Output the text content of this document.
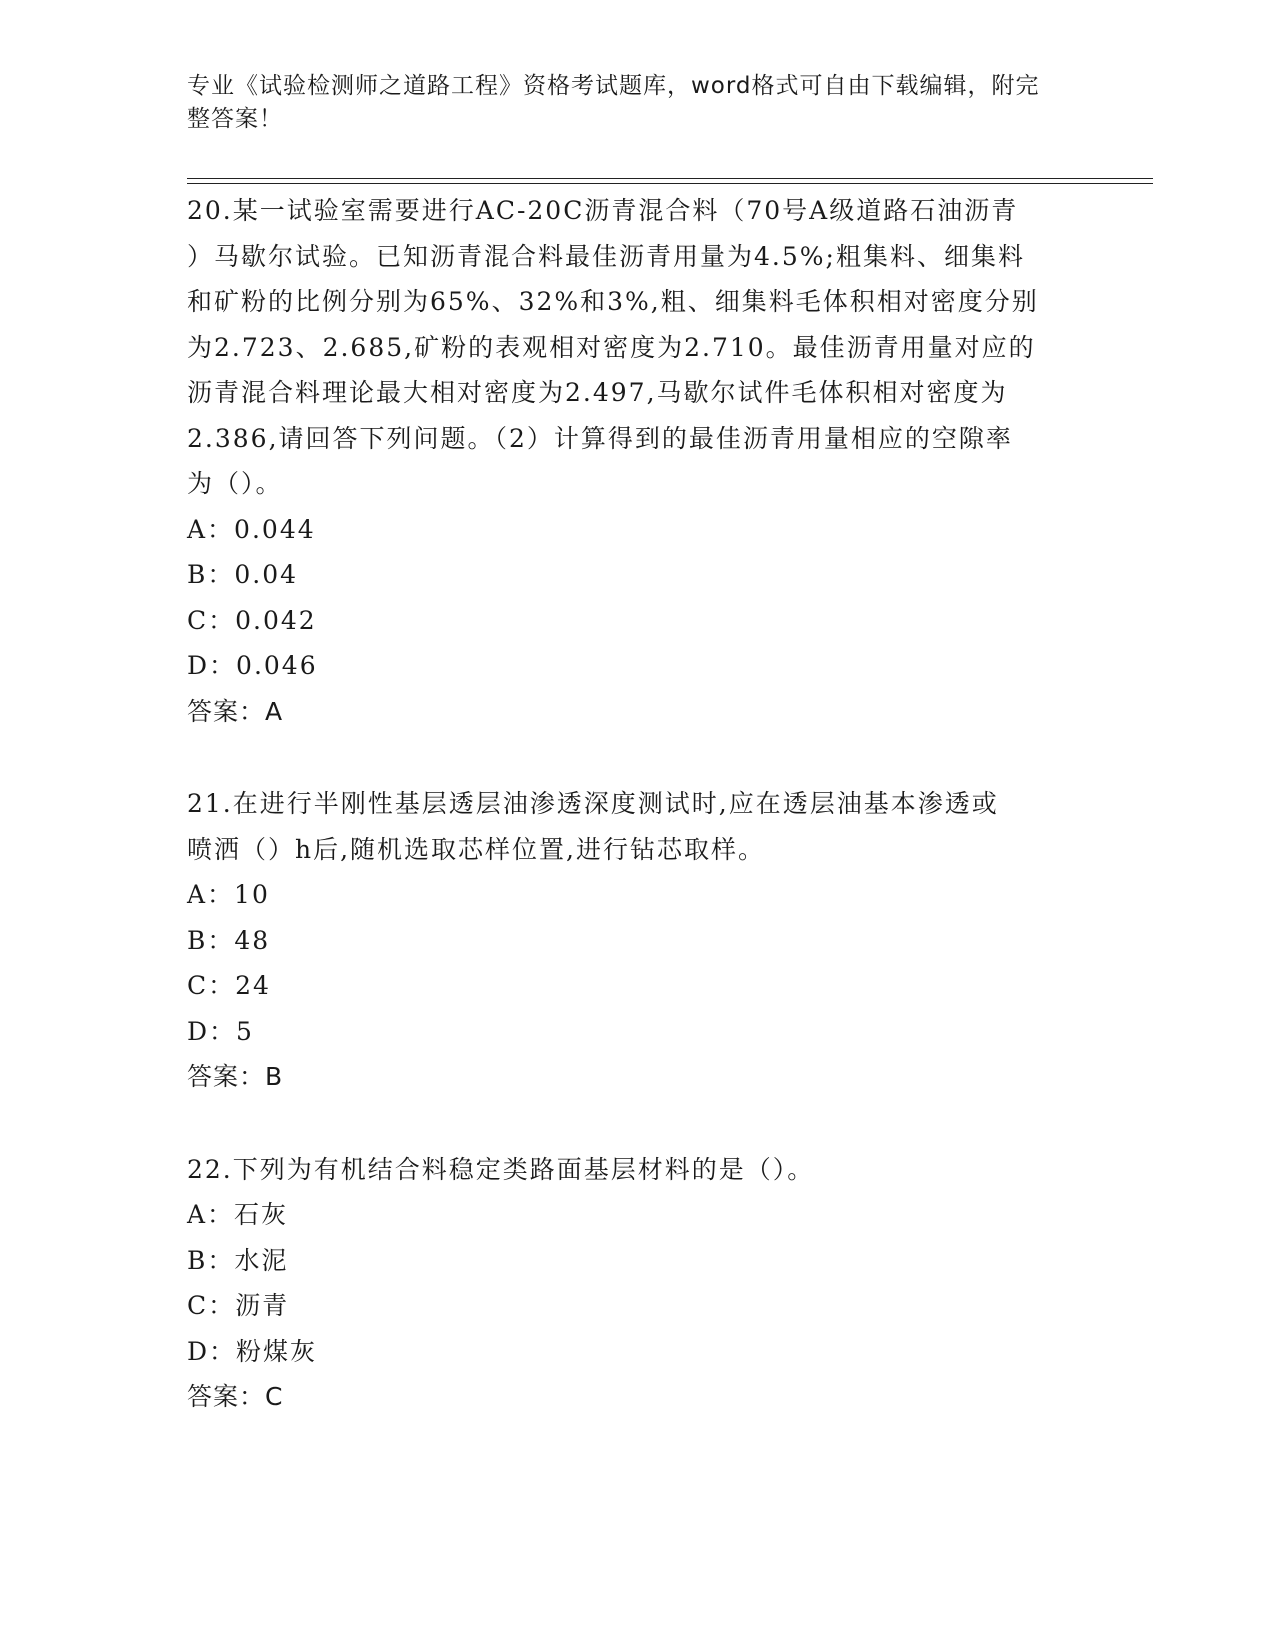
专业《试验检测师之道路工程》资格考试题库，word格式可自由下载编辑，附完
整答案！
20.某一试验室需要进行AC-20C沥青混合料（70号A级道路石油沥青
）马歇尔试验。已知沥青混合料最佳沥青用量为4.5%;粗集料、细集料
和矿粉的比例分别为65%、32%和3%,粗、细集料毛体积相对密度分别
为2.723、2.685,矿粉的表观相对密度为2.710。最佳沥青用量对应的
沥青混合料理论最大相对密度为2.497,马歇尔试件毛体积相对密度为
2.386,请回答下列问题。（2）计算得到的最佳沥青用量相应的空隙率
为（）。
A：0.044
B：0.04
C：0.042
D：0.046
答案：A
21.在进行半刚性基层透层油渗透深度测试时,应在透层油基本渗透或
喷洒（）h后,随机选取芯样位置,进行钻芯取样。
A：10
B：48
C：24
D：5
答案：B
22.下列为有机结合料稳定类路面基层材料的是（）。
A：石灰
B：水泥
C：沥青
D：粉煤灰
答案：C
